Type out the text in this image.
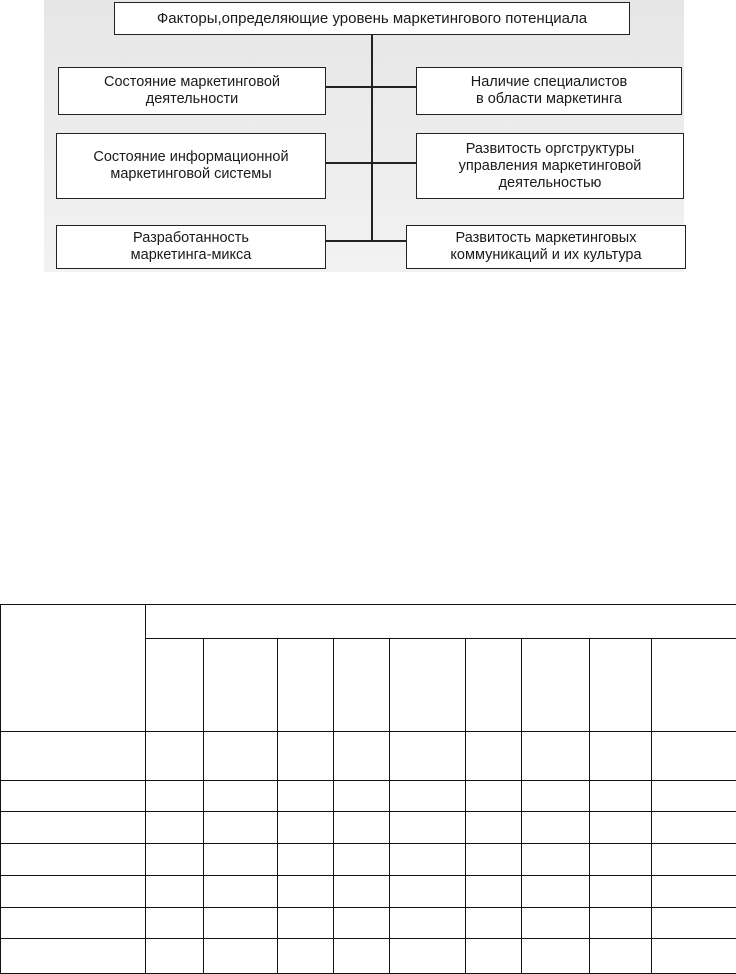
Факторы,определяющие уровень маркетингового потенциала
Состояние маркетинговой деятельности
Состояние информационной маркетинговой системы
Разработанность маркетинга-микса
Наличие специалистов в области маркетинга
Развитость оргструктуры управления маркетинговой деятельностью
Развитость маркетинговых коммуникаций и их культура
